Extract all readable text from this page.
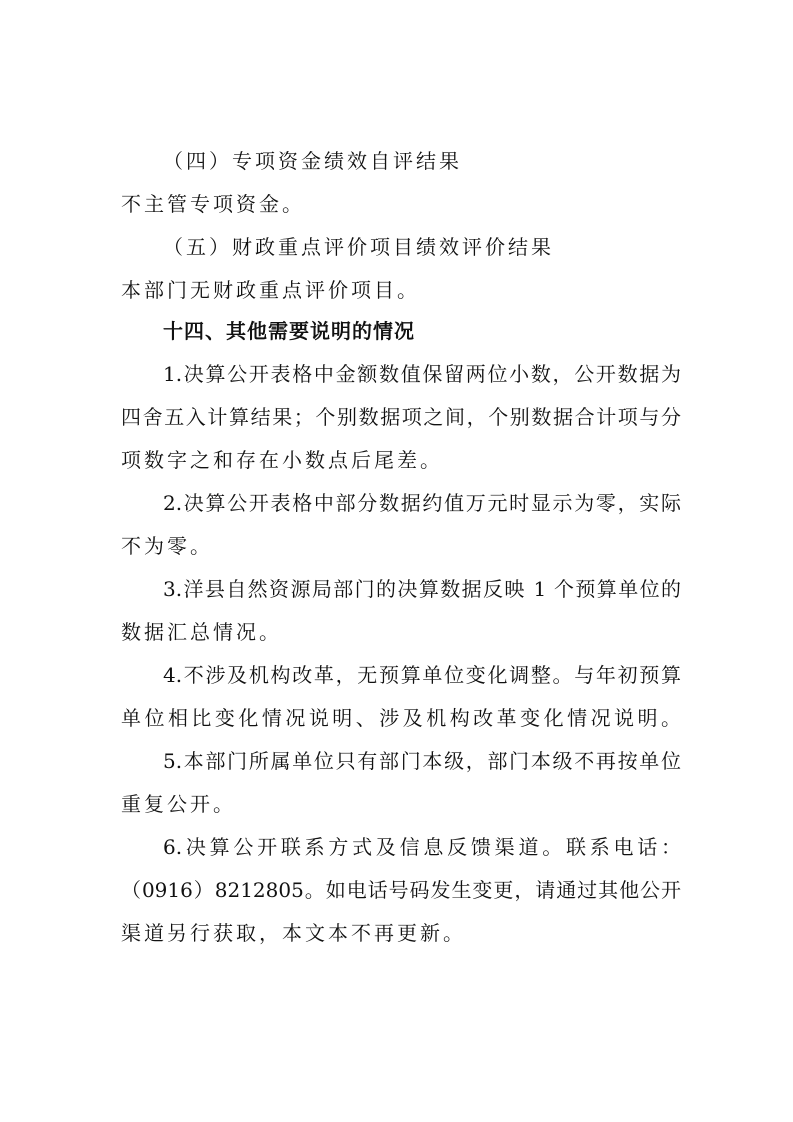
（四）专项资金绩效自评结果
不主管专项资金。
（五）财政重点评价项目绩效评价结果
本部门无财政重点评价项目。
十四、其他需要说明的情况
1.决算公开表格中金额数值保留两位小数，公开数据为
四舍五入计算结果；个别数据项之间，个别数据合计项与分
项数字之和存在小数点后尾差。
2.决算公开表格中部分数据约值万元时显示为零，实际
不为零。
3.洋县自然资源局部门的决算数据反映 1 个预算单位的
数据汇总情况。
4.不涉及机构改革，无预算单位变化调整。与年初预算
单位相比变化情况说明、涉及机构改革变化情况说明。
5.本部门所属单位只有部门本级，部门本级不再按单位
重复公开。
6.决算公开联系方式及信息反馈渠道。联系电话：
（0916）8212805。如电话号码发生变更，请通过其他公开
渠道另行获取，本文本不再更新。
